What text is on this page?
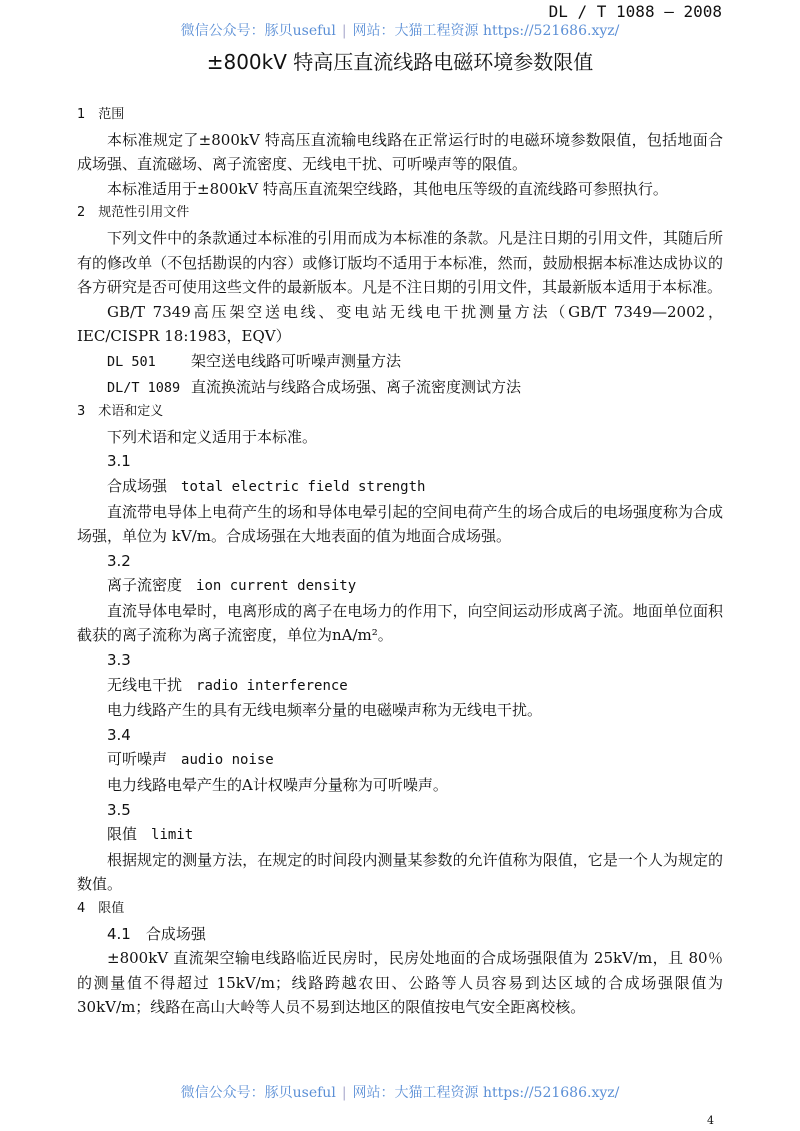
DL / T 1088 — 2008
微信公众号：豚贝useful | 网站：大猫工程资源 https://521686.xyz/
±800kV 特高压直流线路电磁环境参数限值

1　范围

本标准规定了±800kV 特高压直流输电线路在正常运行时的电磁环境参数限值，包括地面合成场强、直流磁场、离子流密度、无线电干扰、可听噪声等的限值。

本标准适用于±800kV 特高压直流架空线路，其他电压等级的直流线路可参照执行。

2　规范性引用文件

下列文件中的条款通过本标准的引用而成为本标准的条款。凡是注日期的引用文件，其随后所有的修改单（不包括勘误的内容）或修订版均不适用于本标准，然而，鼓励根据本标准达成协议的各方研究是否可使用这些文件的最新版本。凡是不注日期的引用文件，其最新版本适用于本标准。

GB/T 7349高压架空送电线、变电站无线电干扰测量方法（GB/T 7349—2002，IEC/CISPR 18:1983，EQV）

DL 501 架空送电线路可听噪声测量方法

DL/T 1089 直流换流站与线路合成场强、离子流密度测试方法

3　术语和定义

下列术语和定义适用于本标准。

3.1

合成场强 total electric field strength

直流带电导体上电荷产生的场和导体电晕引起的空间电荷产生的场合成后的电场强度称为合成场强，单位为 kV/m。合成场强在大地表面的值为地面合成场强。

3.2

离子流密度 ion current density

直流导体电晕时，电离形成的离子在电场力的作用下，向空间运动形成离子流。地面单位面积截获的离子流称为离子流密度，单位为nA/m²。

3.3

无线电干扰 radio interference

电力线路产生的具有无线电频率分量的电磁噪声称为无线电干扰。

3.4

可听噪声 audio noise

电力线路电晕产生的A计权噪声分量称为可听噪声。

3.5

限值 limit

根据规定的测量方法，在规定的时间段内测量某参数的允许值称为限值，它是一个人为规定的数值。

4　限值

4.1　合成场强

±800kV 直流架空输电线路临近民房时，民房处地面的合成场强限值为 25kV/m，且 80％的测量值不得超过 15kV/m；线路跨越农田、公路等人员容易到达区域的合成场强限值为30kV/m；线路在高山大岭等人员不易到达地区的限值按电气安全距离校核。

微信公众号：豚贝useful | 网站：大猫工程资源 https://521686.xyz/
4
